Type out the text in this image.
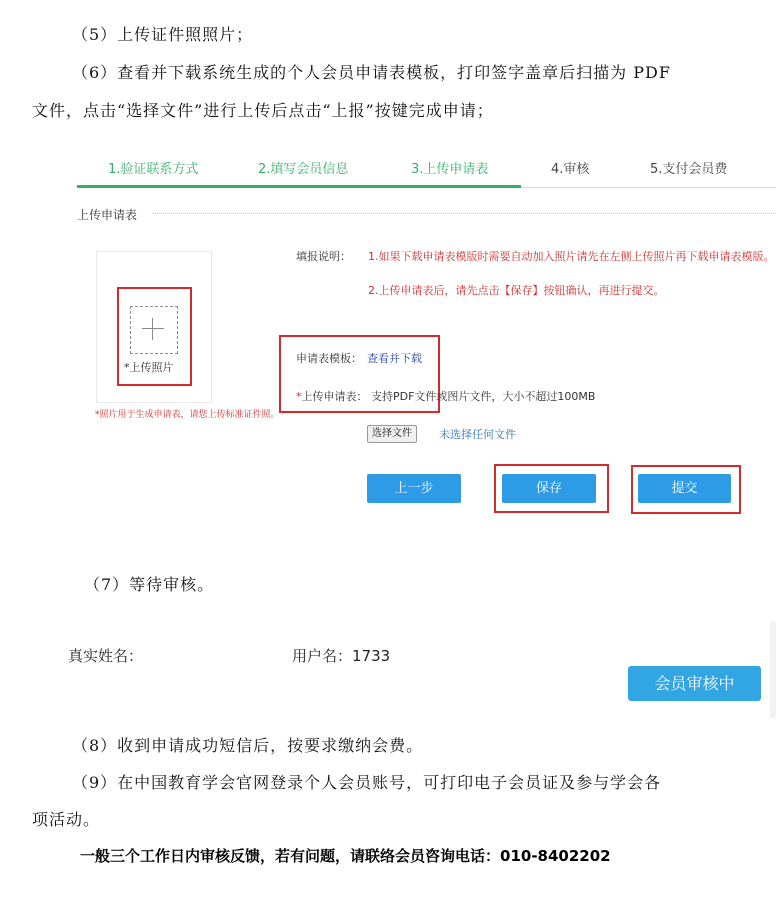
（5）上传证件照照片；
（6）查看并下载系统生成的个人会员申请表模板，打印签字盖章后扫描为 PDF
文件，点击“选择文件”进行上传后点击“上报”按键完成申请；
1.验证联系方式	2.填写会员信息	3.上传申请表	4.审核	5.支付会员费
上传申请表
*上传照片
*照片用于生成申请表，请您上传标准证件照。
填报说明： 1.如果下载申请表模版时需要自动加入照片请先在左侧上传照片再下载申请表模版。
2.上传申请表后，请先点击【保存】按钮确认，再进行提交。
申请表模板： 查看并下载
*上传申请表： 支持PDF文件或图片文件，大小不超过100MB
选择文件	未选择任何文件
上一步	保存	提交
（7）等待审核。
真实姓名：	用户名：1733
会员审核中
（8）收到申请成功短信后，按要求缴纳会费。
（9）在中国教育学会官网登录个人会员账号，可打印电子会员证及参与学会各
项活动。
一般三个工作日内审核反馈，若有问题，请联络会员咨询电话：010-8402202
